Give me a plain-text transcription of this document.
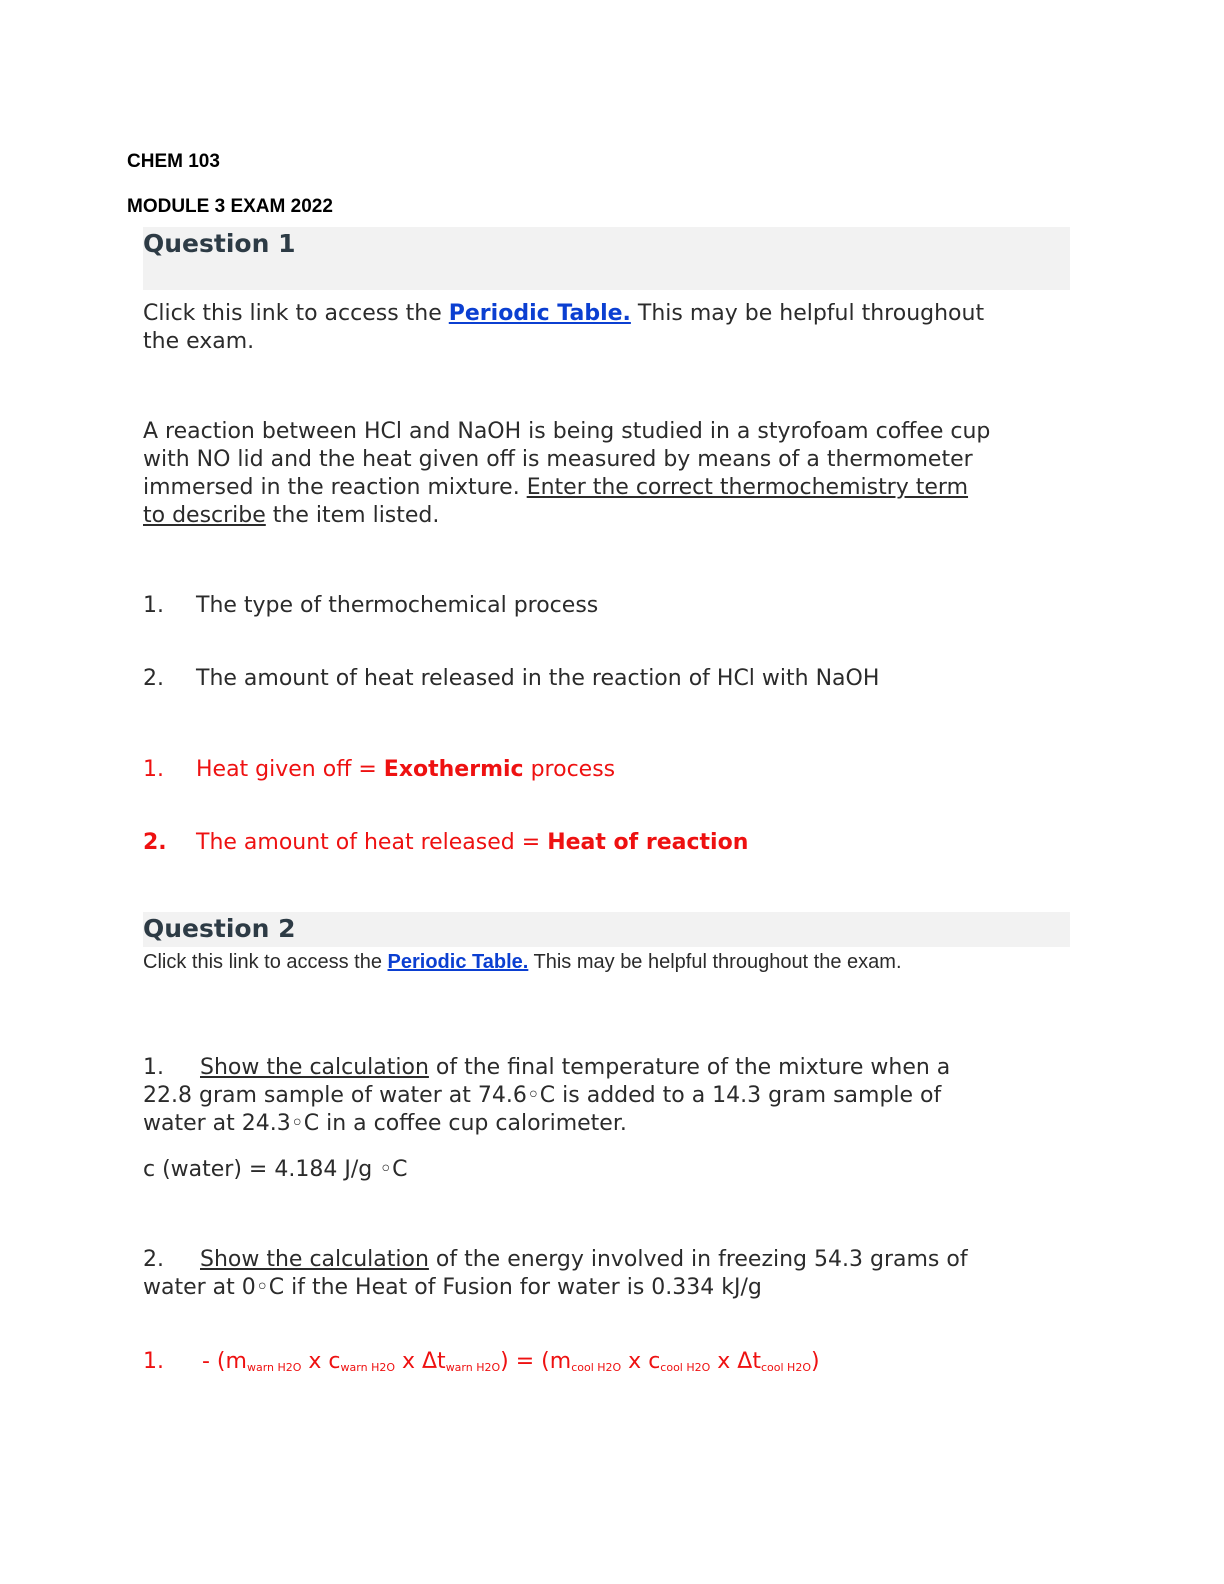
CHEM 103
MODULE 3 EXAM 2022
Question 1
Click this link to access the Periodic Table. This may be helpful throughout
the exam.
A reaction between HCl and NaOH is being studied in a styrofoam coffee cup
with NO lid and the heat given off is measured by means of a thermometer
immersed in the reaction mixture. Enter the correct thermochemistry term
to describe the item listed.
1. The type of thermochemical process
2. The amount of heat released in the reaction of HCl with NaOH
1. Heat given off = Exothermic process
2. The amount of heat released = Heat of reaction
Question 2
Click this link to access the Periodic Table. This may be helpful throughout the exam.
1. Show the calculation of the final temperature of the mixture when a
22.8 gram sample of water at 74.6◦C is added to a 14.3 gram sample of
water at 24.3◦C in a coffee cup calorimeter.
c (water) = 4.184 J/g ◦C
2. Show the calculation of the energy involved in freezing 54.3 grams of
water at 0◦C if the Heat of Fusion for water is 0.334 kJ/g
1. - ($m_{warn H2O}$ x $c_{warn H2O}$ x $\Delta t_{warn H2O}) = (m_{cool H2O}$ x $c_{cool H2O}$ x $\Delta t_{cool H2O}$)
